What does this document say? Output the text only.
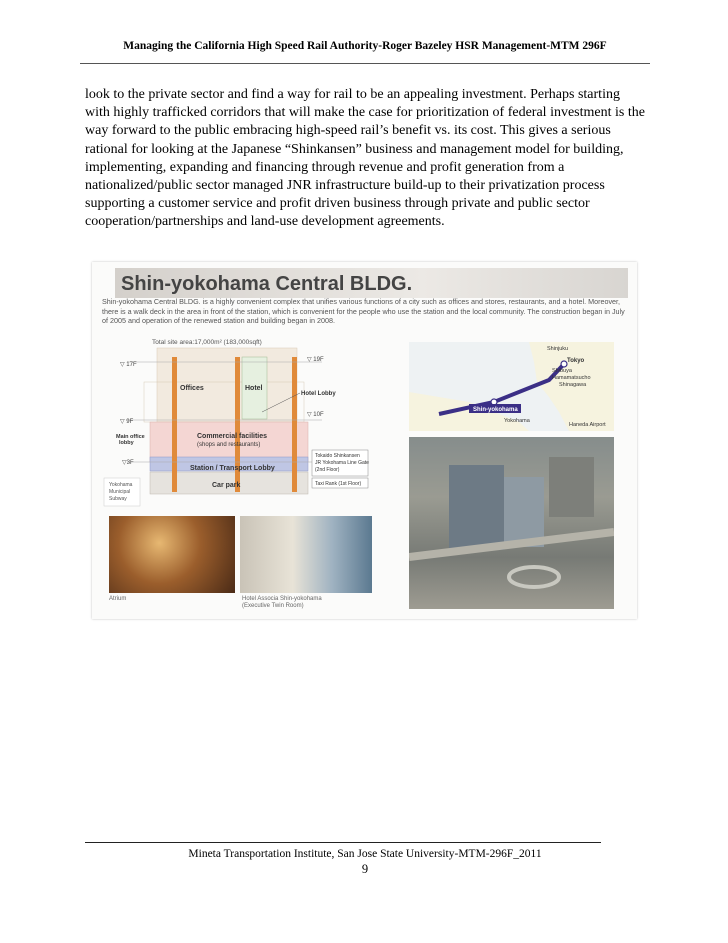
Managing the California High Speed Rail Authority-Roger Bazeley HSR Management-MTM 296F
look to the private sector and find a way for rail to be an appealing investment. Perhaps starting with highly trafficked corridors that will make the case for prioritization of federal investment is the way forward to the public embracing high-speed rail’s benefit vs. its cost. This gives a serious rational for looking at the Japanese “Shinkansen” business and management model for building, implementing, expanding and financing through revenue and profit generation from a nationalized/public sector managed JNR infrastructure build-up to their privatization process supporting a customer service and profit driven business through private and public sector cooperation/partnerships and land-use development agreements.
Shin-yokohama Central BLDG.
Shin-yokohama Central BLDG. is a highly convenient complex that unifies various functions of a city such as offices and stores, restaurants, and a hotel. Moreover, there is a walk deck in the area in front of the station, which is convenient for the people who use the station and the local community. The construction began in July of 2005 and operation of the renewed station and building began in 2008.
Total site area:17,000m² (183,000sqft)
▽ 17F
▽ 19F
▽ 10F
▽ 9F
▽3F
Offices	Hotel
Hotel Lobby
Commercial facilities
(shops and restaurants)
Main office
lobby
Station / Transport Lobby
Car park
Yokohama
Municipal
Subway
Tokaido Shinkansen
JR Yokohama Line Gate
(2nd Floor)
Taxi Rank (1st Floor)
Shinjuku
Tokyo
Shibuya
Hamamatsucho
Shinagawa
Shin-yokohama
Yokohama
Haneda Airport
Atrium	Hotel Associa Shin-yokohama
(Executive Twin Room)
Mineta Transportation Institute, San Jose State University-MTM-296F_2011
9
